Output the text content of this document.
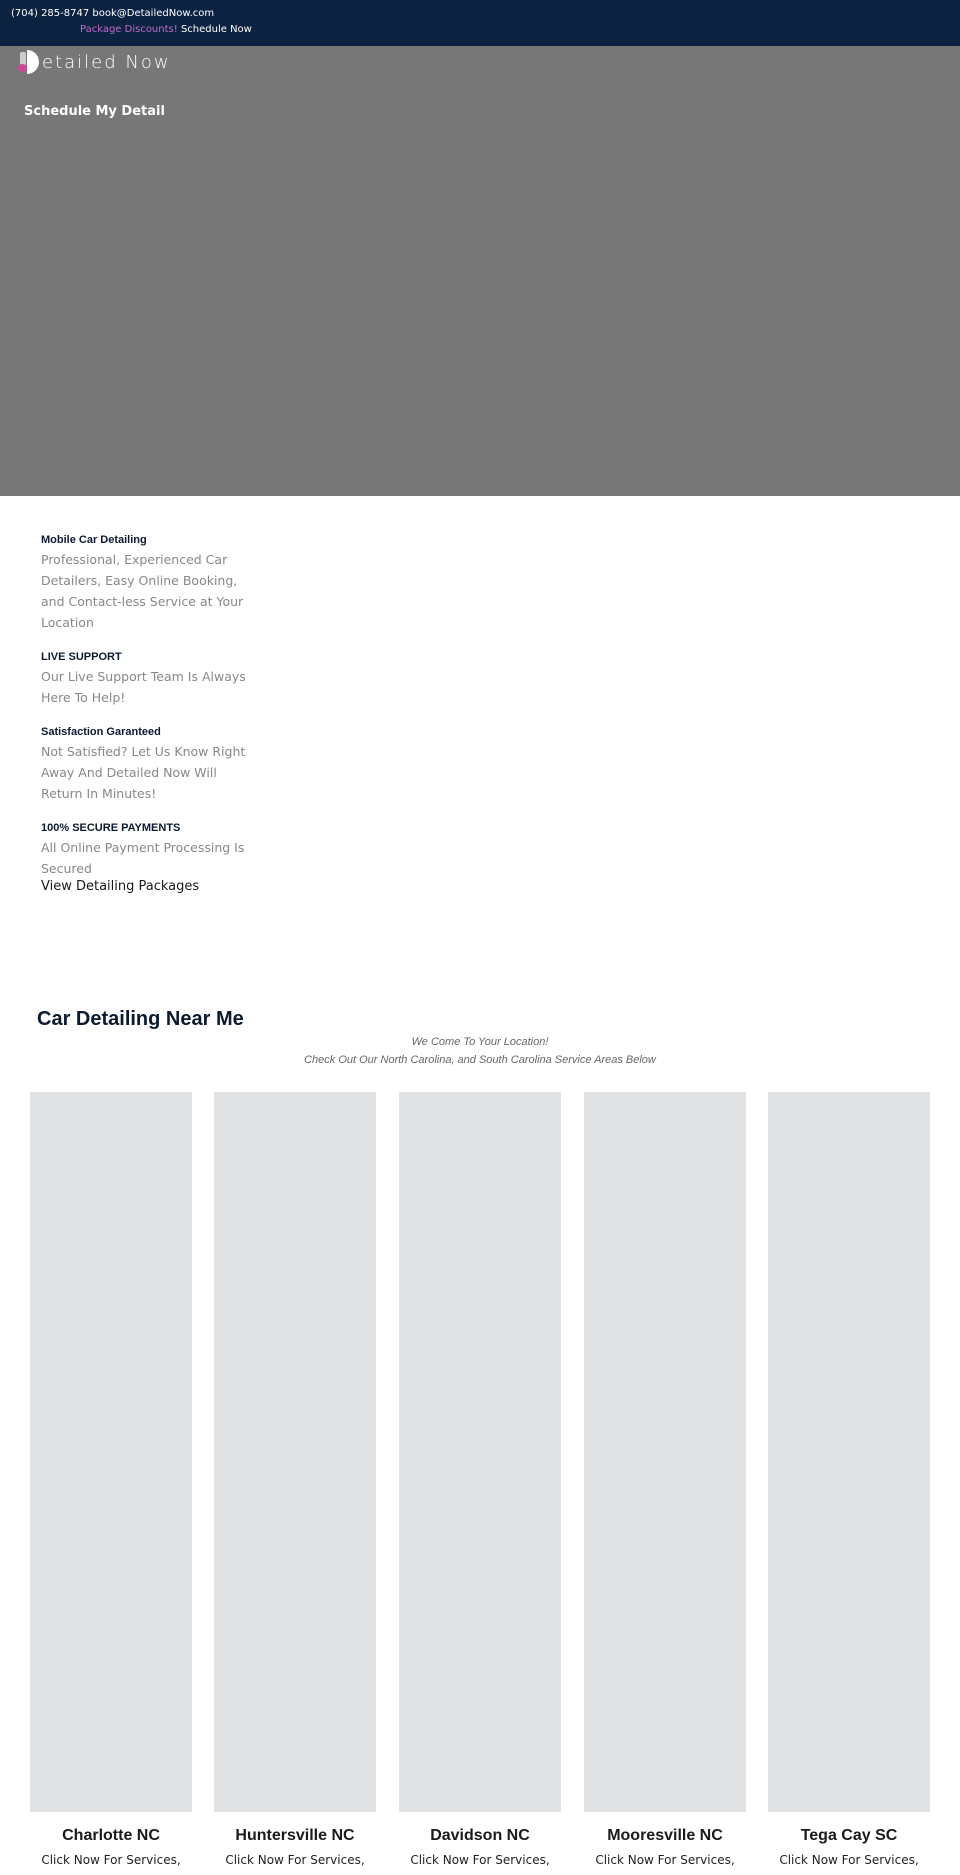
(704) 285-8747 book@DetailedNow.com
Package Discounts! Schedule Now
etailed Now
Schedule My Detail
Mobile Car Detailing

Professional, Experienced Car Detailers, Easy Online Booking, and Contact-less Service at Your Location

LIVE SUPPORT

Our Live Support Team Is Always Here To Help!

Satisfaction Garanteed

Not Satisfied? Let Us Know Right Away And Detailed Now Will Return In Minutes!

100% SECURE PAYMENTS

All Online Payment Processing Is Secured

View Detailing Packages
Car Detailing Near Me
We Come To Your Location!
Check Out Our North Carolina, and South Carolina Service Areas Below
Charlotte NC

Click Now For Services,

Huntersville NC

Click Now For Services,

Davidson NC

Click Now For Services,

Mooresville NC

Click Now For Services,

Tega Cay SC

Click Now For Services,
